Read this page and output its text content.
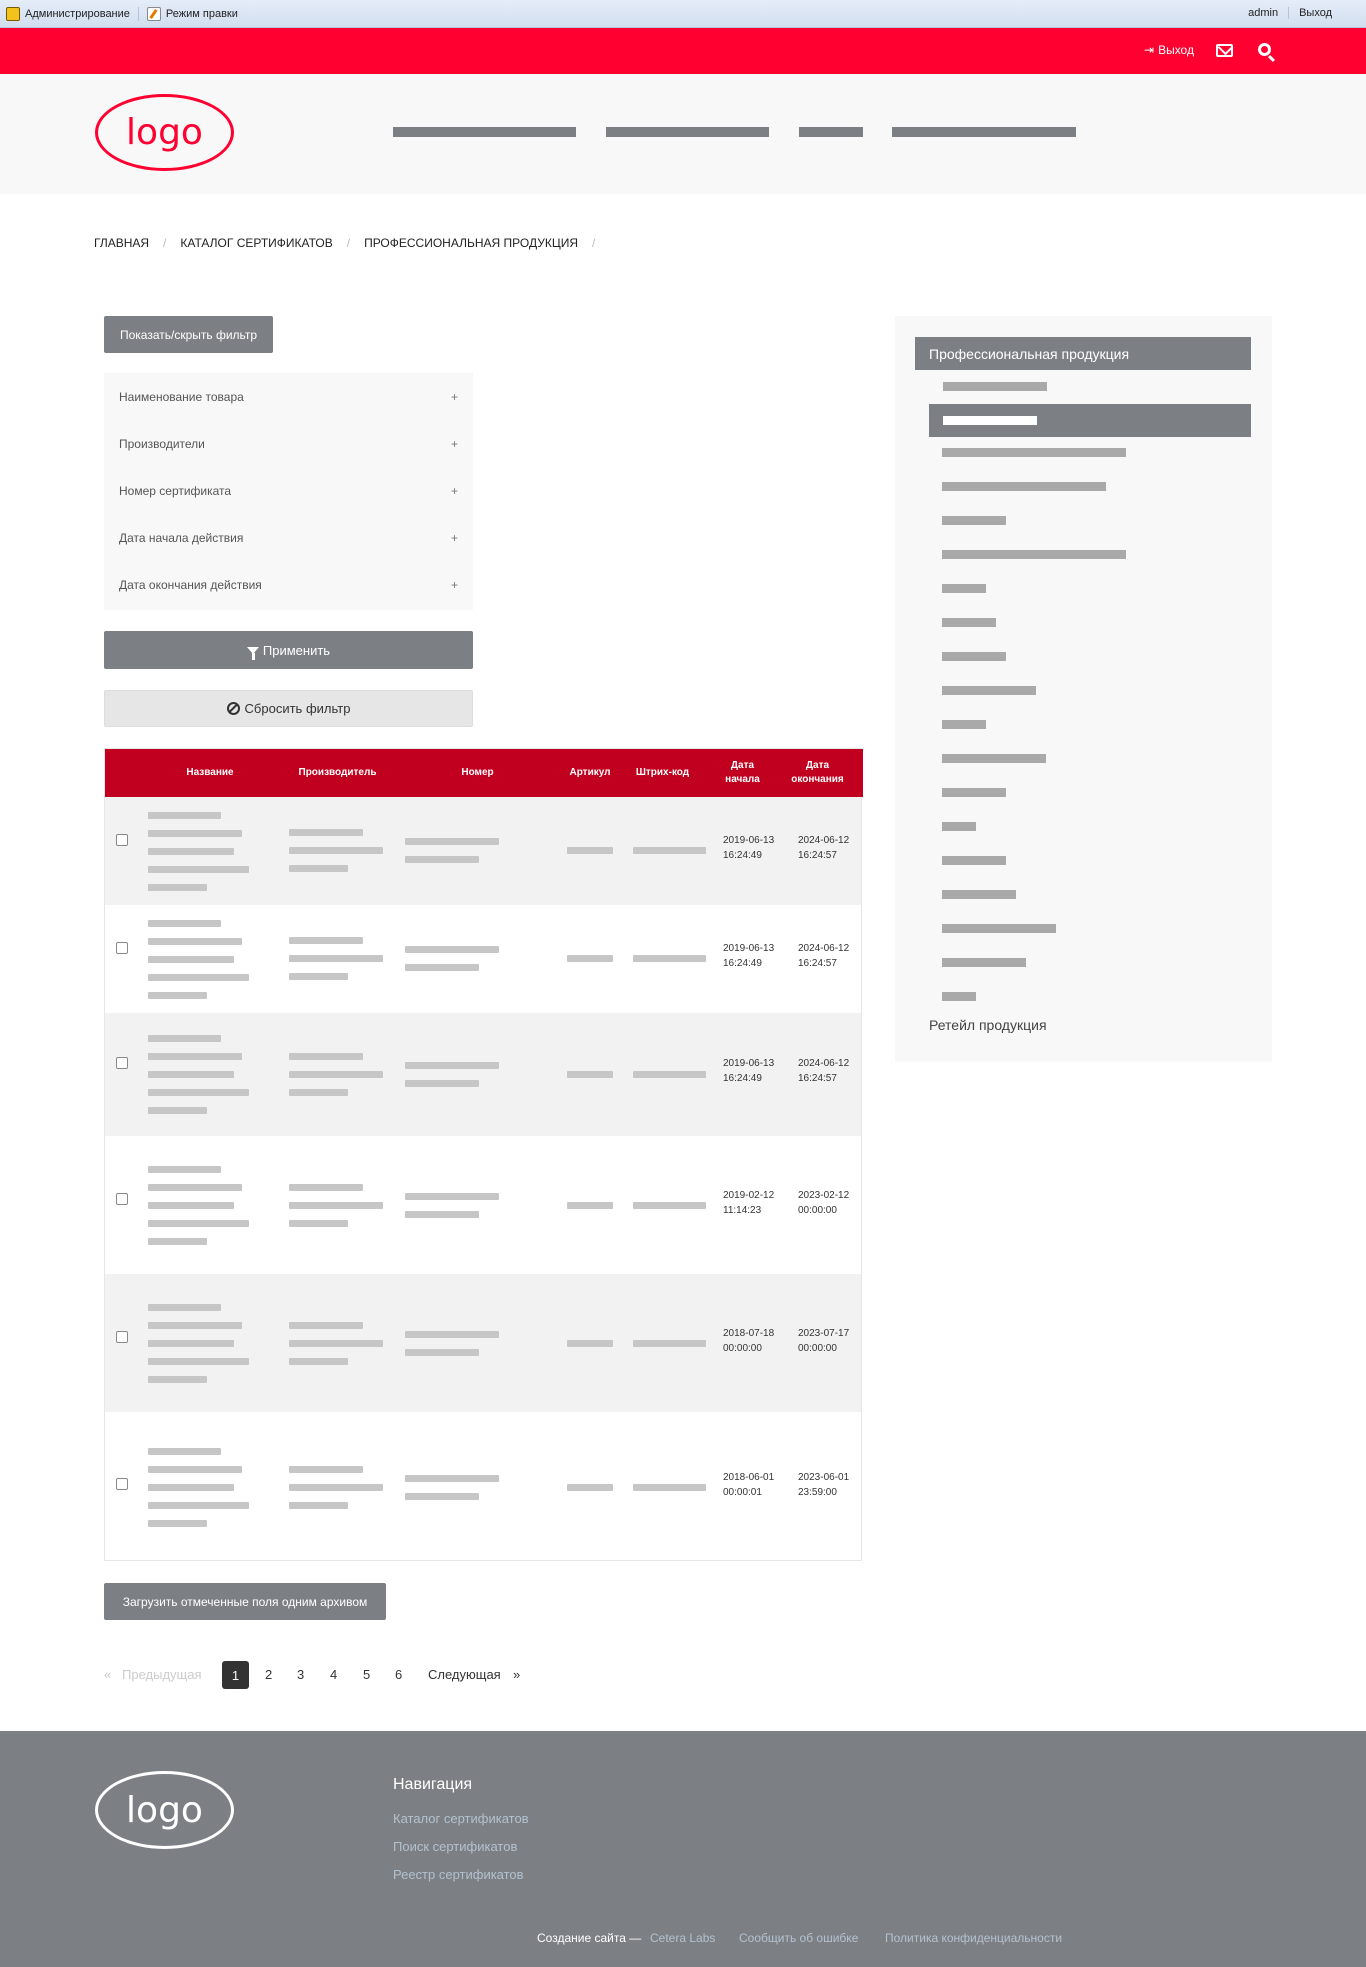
Администрирование	Режим правки	admin	Выход
⇥ Выход
logo
ГЛАВНАЯ / КАТАЛОГ СЕРТИФИКАТОВ / ПРОФЕССИОНАЛЬНАЯ ПРОДУКЦИЯ /
Показать/скрыть фильтр
Наименование товара	+
Производители	+
Номер сертификата	+
Дата начала действия	+
Дата окончания действия	+
Применить
Сбросить фильтр
Название	Производитель	Номер	Артикул	Штрих-код
Дата
начала
Дата
окончания
2019-06-13
16:24:49
2024-06-12
16:24:57
2019-06-13
16:24:49
2024-06-12
16:24:57
2019-06-13
16:24:49
2024-06-12
16:24:57
2019-02-12
11:14:23
2023-02-12
00:00:00
2018-07-18
00:00:00
2023-07-17
00:00:00
2018-06-01
00:00:01
2023-06-01
23:59:00
Загрузить отмеченные поля одним архивом
« Предыдущая	1	2 3 4 5 6 Следующая »
Профессиональная продукция
Ретейл продукция
logo
Навигация
Каталог сертификатов
Поиск сертификатов
Реестр сертификатов
Создание сайта — Cetera Labs Сообщить об ошибке Политика конфиденциальности
